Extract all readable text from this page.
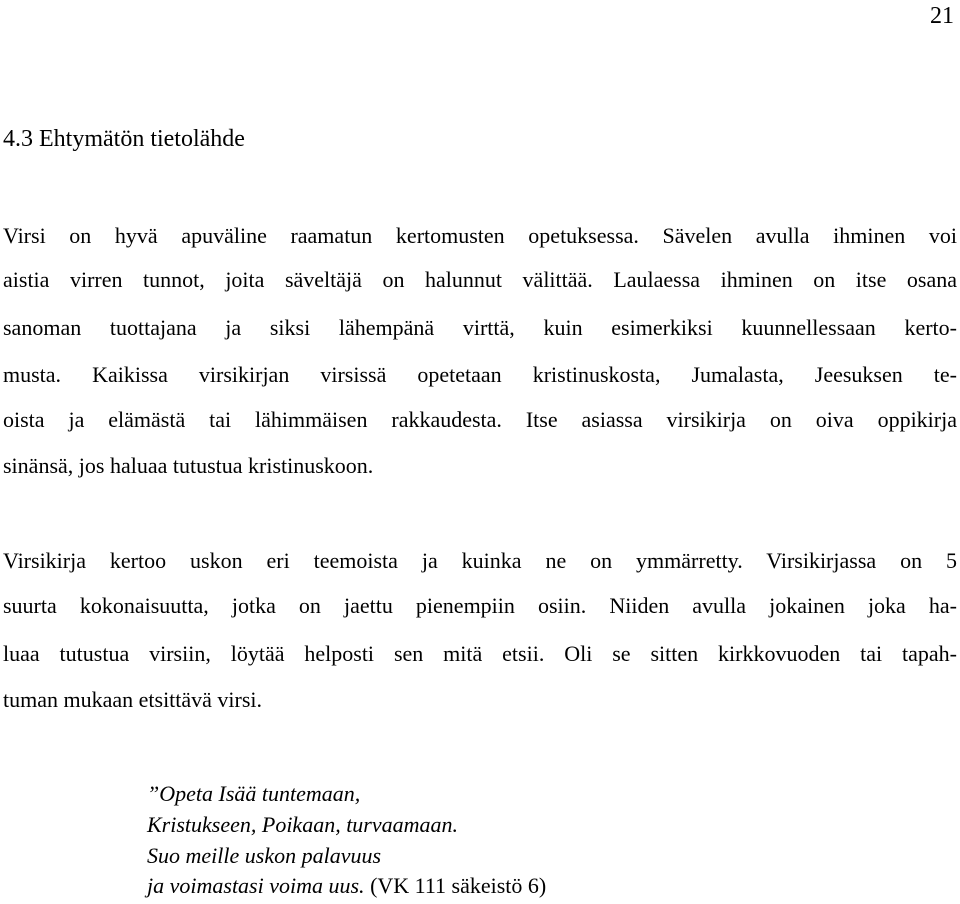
21
4.3 Ehtymätön tietolähde
Virsi on hyvä apuväline raamatun kertomusten opetuksessa. Sävelen avulla ihminen voi
aistia virren tunnot, joita säveltäjä on halunnut välittää. Laulaessa ihminen on itse osana
sanoman tuottajana ja siksi lähempänä virttä, kuin esimerkiksi kuunnellessaan kerto-
musta. Kaikissa virsikirjan virsissä opetetaan kristinuskosta, Jumalasta, Jeesuksen te-
oista ja elämästä tai lähimmäisen rakkaudesta. Itse asiassa virsikirja on oiva oppikirja
sinänsä, jos haluaa tutustua kristinuskoon.
Virsikirja kertoo uskon eri teemoista ja kuinka ne on ymmärretty. Virsikirjassa on 5
suurta kokonaisuutta, jotka on jaettu pienempiin osiin. Niiden avulla jokainen joka ha-
luaa tutustua virsiin, löytää helposti sen mitä etsii. Oli se sitten kirkkovuoden tai tapah-
tuman mukaan etsittävä virsi.
”Opeta Isää tuntemaan,
Kristukseen, Poikaan, turvaamaan.
Suo meille uskon palavuus
ja voimastasi voima uus. (VK 111 säkeistö 6)
